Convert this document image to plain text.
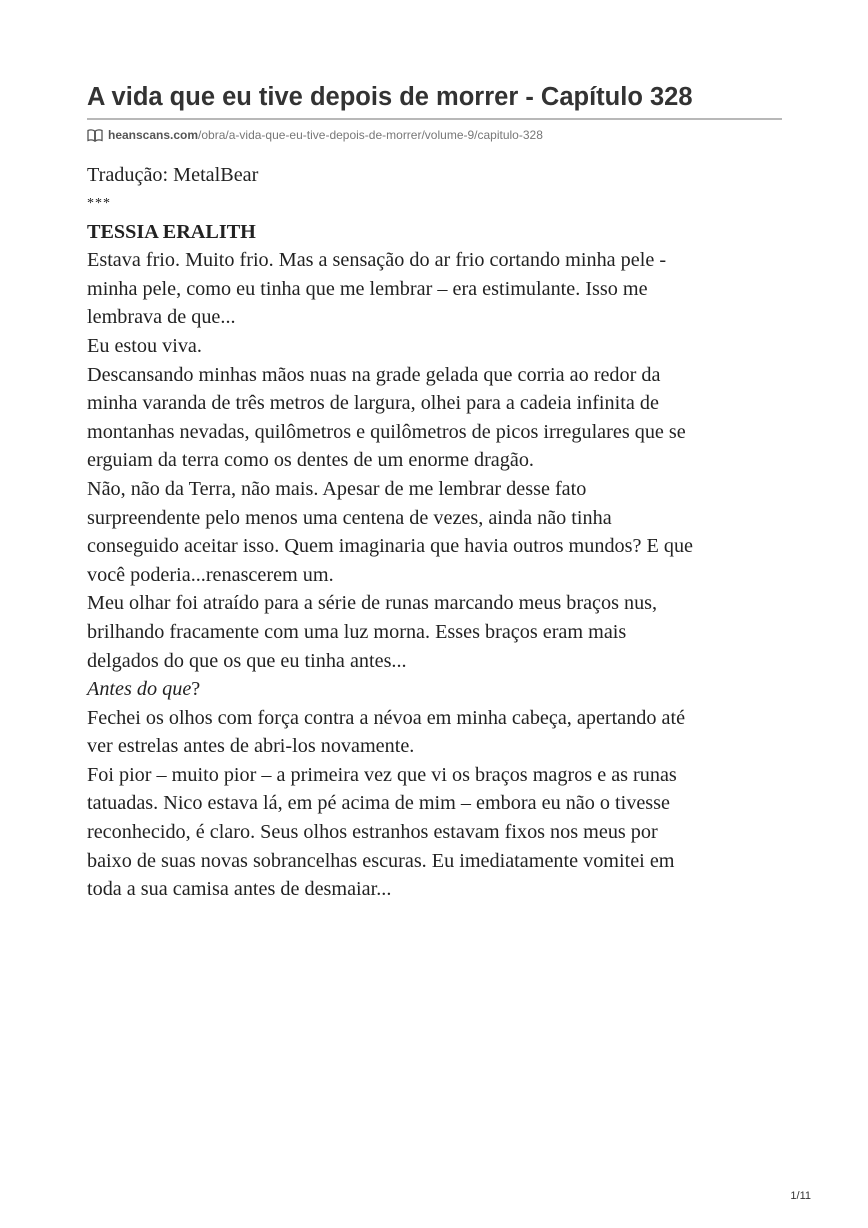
A vida que eu tive depois de morrer - Capítulo 328
heanscans.com/obra/a-vida-que-eu-tive-depois-de-morrer/volume-9/capitulo-328

Tradução: MetalBear

***

TESSIA ERALITH

Estava frio. Muito frio. Mas a sensação do ar frio cortando minha pele -
minha pele, como eu tinha que me lembrar – era estimulante. Isso me
lembrava de que...

Eu estou viva.

Descansando minhas mãos nuas na grade gelada que corria ao redor da
minha varanda de três metros de largura, olhei para a cadeia infinita de
montanhas nevadas, quilômetros e quilômetros de picos irregulares que se
erguiam da terra como os dentes de um enorme dragão.

Não, não da Terra, não mais. Apesar de me lembrar desse fato
surpreendente pelo menos uma centena de vezes, ainda não tinha
conseguido aceitar isso. Quem imaginaria que havia outros mundos? E que
você poderia...renascerem um.

Meu olhar foi atraído para a série de runas marcando meus braços nus,
brilhando fracamente com uma luz morna. Esses braços eram mais
delgados do que os que eu tinha antes...

Antes do que?

Fechei os olhos com força contra a névoa em minha cabeça, apertando até
ver estrelas antes de abri-los novamente.

Foi pior – muito pior – a primeira vez que vi os braços magros e as runas
tatuadas. Nico estava lá, em pé acima de mim – embora eu não o tivesse
reconhecido, é claro. Seus olhos estranhos estavam fixos nos meus por
baixo de suas novas sobrancelhas escuras. Eu imediatamente vomitei em
toda a sua camisa antes de desmaiar...

1/11
